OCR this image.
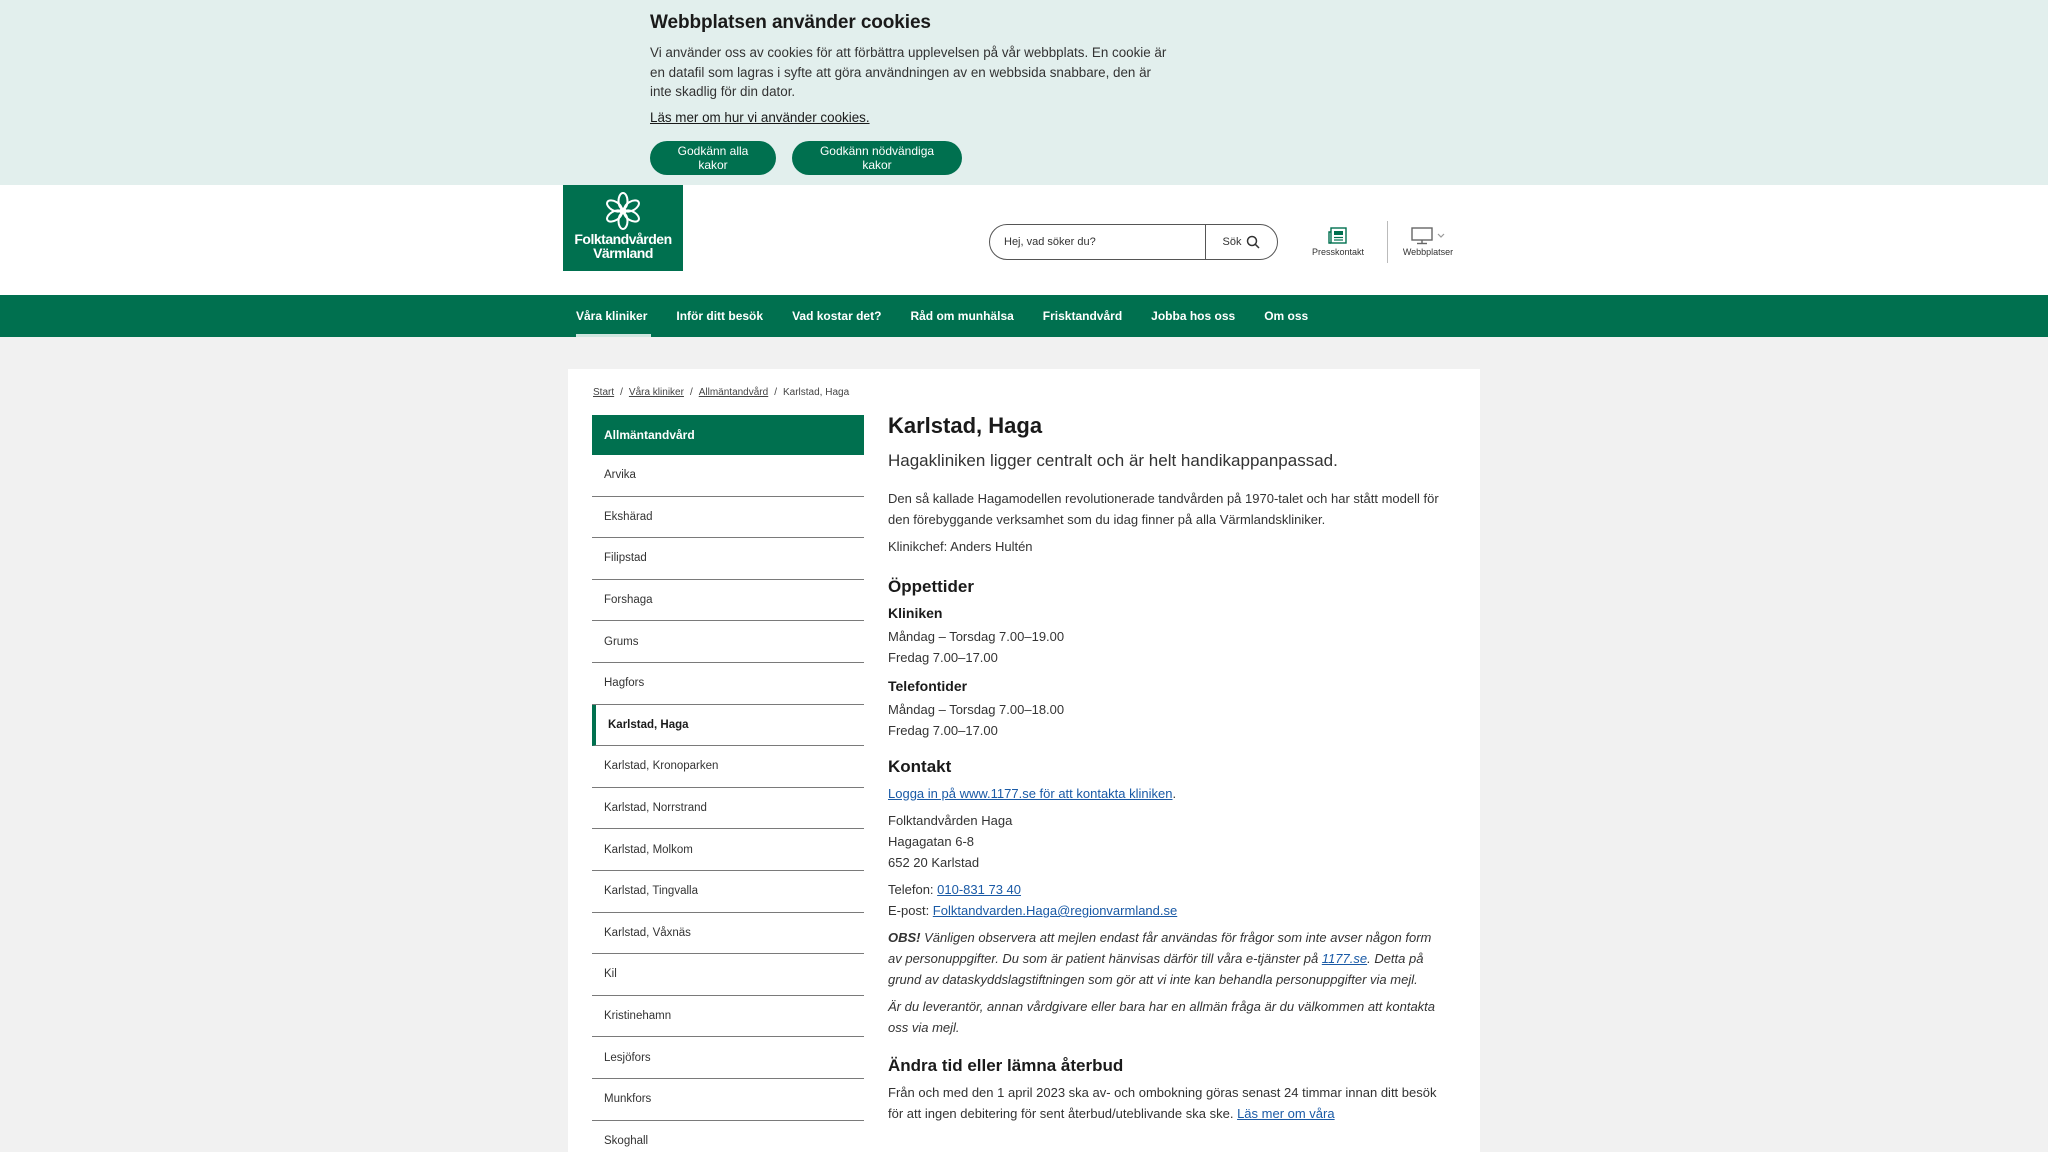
Webbplatsen använder cookies

Vi använder oss av cookies för att förbättra upplevelsen på vår webbplats. En cookie är en datafil som lagras i syfte att göra användningen av en webbsida snabbare, den är inte skadlig för din dator.

Läs mer om hur vi använder cookies.
Godkänn alla kakor
Godkänn nödvändiga kakor
Folktandvården
Värmland
Hej, vad söker du?
Sök
Presskontakt	Webbplatser
Våra kliniker Inför ditt besök Vad kostar det? Råd om munhälsa Frisktandvård Jobba hos oss Om oss
Start / Våra kliniker / Allmäntandvård / Karlstad, Haga
Allmäntandvård
Arvika
Ekshärad
Filipstad
Forshaga
Grums
Hagfors
Karlstad, Haga
Karlstad, Kronoparken
Karlstad, Norrstrand
Karlstad, Molkom
Karlstad, Tingvalla
Karlstad, Våxnäs
Kil
Kristinehamn
Lesjöfors
Munkfors
Skoghall
Karlstad, Haga
Hagakliniken ligger centralt och är helt handikappanpassad.

Den så kallade Hagamodellen revolutionerade tandvården på 1970-talet och har stått modell för den förebyggande verksamhet som du idag finner på alla Värmlandskliniker.

Klinikchef: Anders Hultén

Öppettider
Kliniken

Måndag – Torsdag 7.00–19.00

Fredag 7.00–17.00

Telefontider

Måndag – Torsdag 7.00–18.00

Fredag 7.00–17.00

Kontakt

Logga in på www.1177.se för att kontakta kliniken.

Folktandvården Haga

Hagagatan 6-8

652 20 Karlstad

Telefon: 010-831 73 40

E-post: Folktandvarden.Haga@regionvarmland.se

OBS! Vänligen observera att mejlen endast får användas för frågor som inte avser någon form av personuppgifter. Du som är patient hänvisas därför till våra e-tjänster på 1177.se. Detta på grund av dataskyddslagstiftningen som gör att vi inte kan behandla personuppgifter via mejl.

Är du leverantör, annan vårdgivare eller bara har en allmän fråga är du välkommen att kontakta oss via mejl.

Ändra tid eller lämna återbud

Från och med den 1 april 2023 ska av- och ombokning göras senast 24 timmar innan ditt besök för att ingen debitering för sent återbud/uteblivande ska ske. Läs mer om våra
